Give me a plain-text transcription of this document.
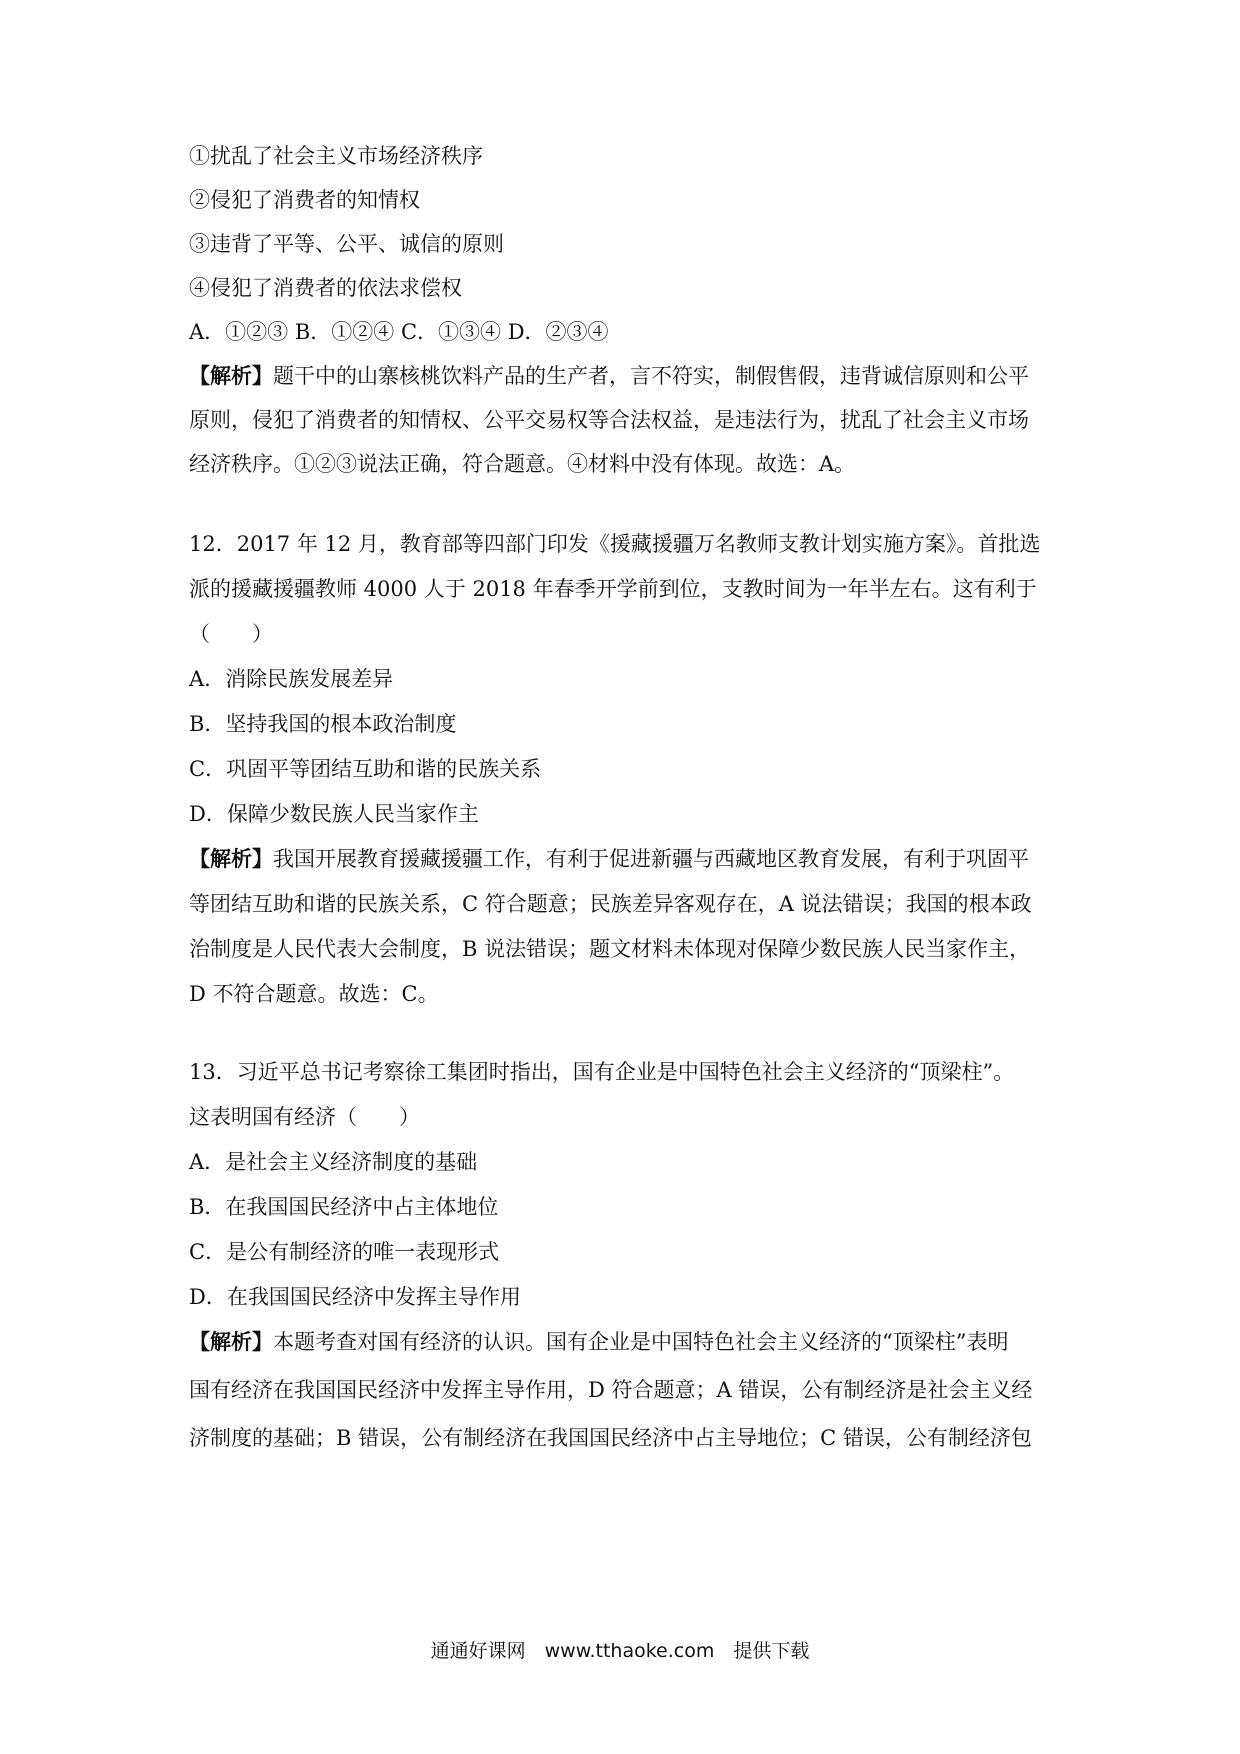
①扰乱了社会主义市场经济秩序
②侵犯了消费者的知情权
③违背了平等、公平、诚信的原则
④侵犯了消费者的依法求偿权
A．①②③ B．①②④ C．①③④ D．②③④
【解析】题干中的山寨核桃饮料产品的生产者，言不符实，制假售假，违背诚信原则和公平
原则，侵犯了消费者的知情权、公平交易权等合法权益，是违法行为，扰乱了社会主义市场
经济秩序。①②③说法正确，符合题意。④材料中没有体现。故选：A。
12．2017 年 12 月，教育部等四部门印发《援藏援疆万名教师支教计划实施方案》。首批选
派的援藏援疆教师 4000 人于 2018 年春季开学前到位，支教时间为一年半左右。这有利于
（　　）
A．消除民族发展差异
B．坚持我国的根本政治制度
C．巩固平等团结互助和谐的民族关系
D．保障少数民族人民当家作主
【解析】我国开展教育援藏援疆工作，有利于促进新疆与西藏地区教育发展，有利于巩固平
等团结互助和谐的民族关系，C 符合题意；民族差异客观存在，A 说法错误；我国的根本政
治制度是人民代表大会制度，B 说法错误；题文材料未体现对保障少数民族人民当家作主，
D 不符合题意。故选：C。
13．习近平总书记考察徐工集团时指出，国有企业是中国特色社会主义经济的“顶梁柱”。
这表明国有经济（　　）
A．是社会主义经济制度的基础
B．在我国国民经济中占主体地位
C．是公有制经济的唯一表现形式
D．在我国国民经济中发挥主导作用
【解析】本题考查对国有经济的认识。国有企业是中国特色社会主义经济的“顶梁柱”表明
国有经济在我国国民经济中发挥主导作用，D 符合题意；A 错误，公有制经济是社会主义经
济制度的基础；B 错误，公有制经济在我国国民经济中占主导地位；C 错误，公有制经济包
通通好课网　www.tthaoke.com　提供下载
